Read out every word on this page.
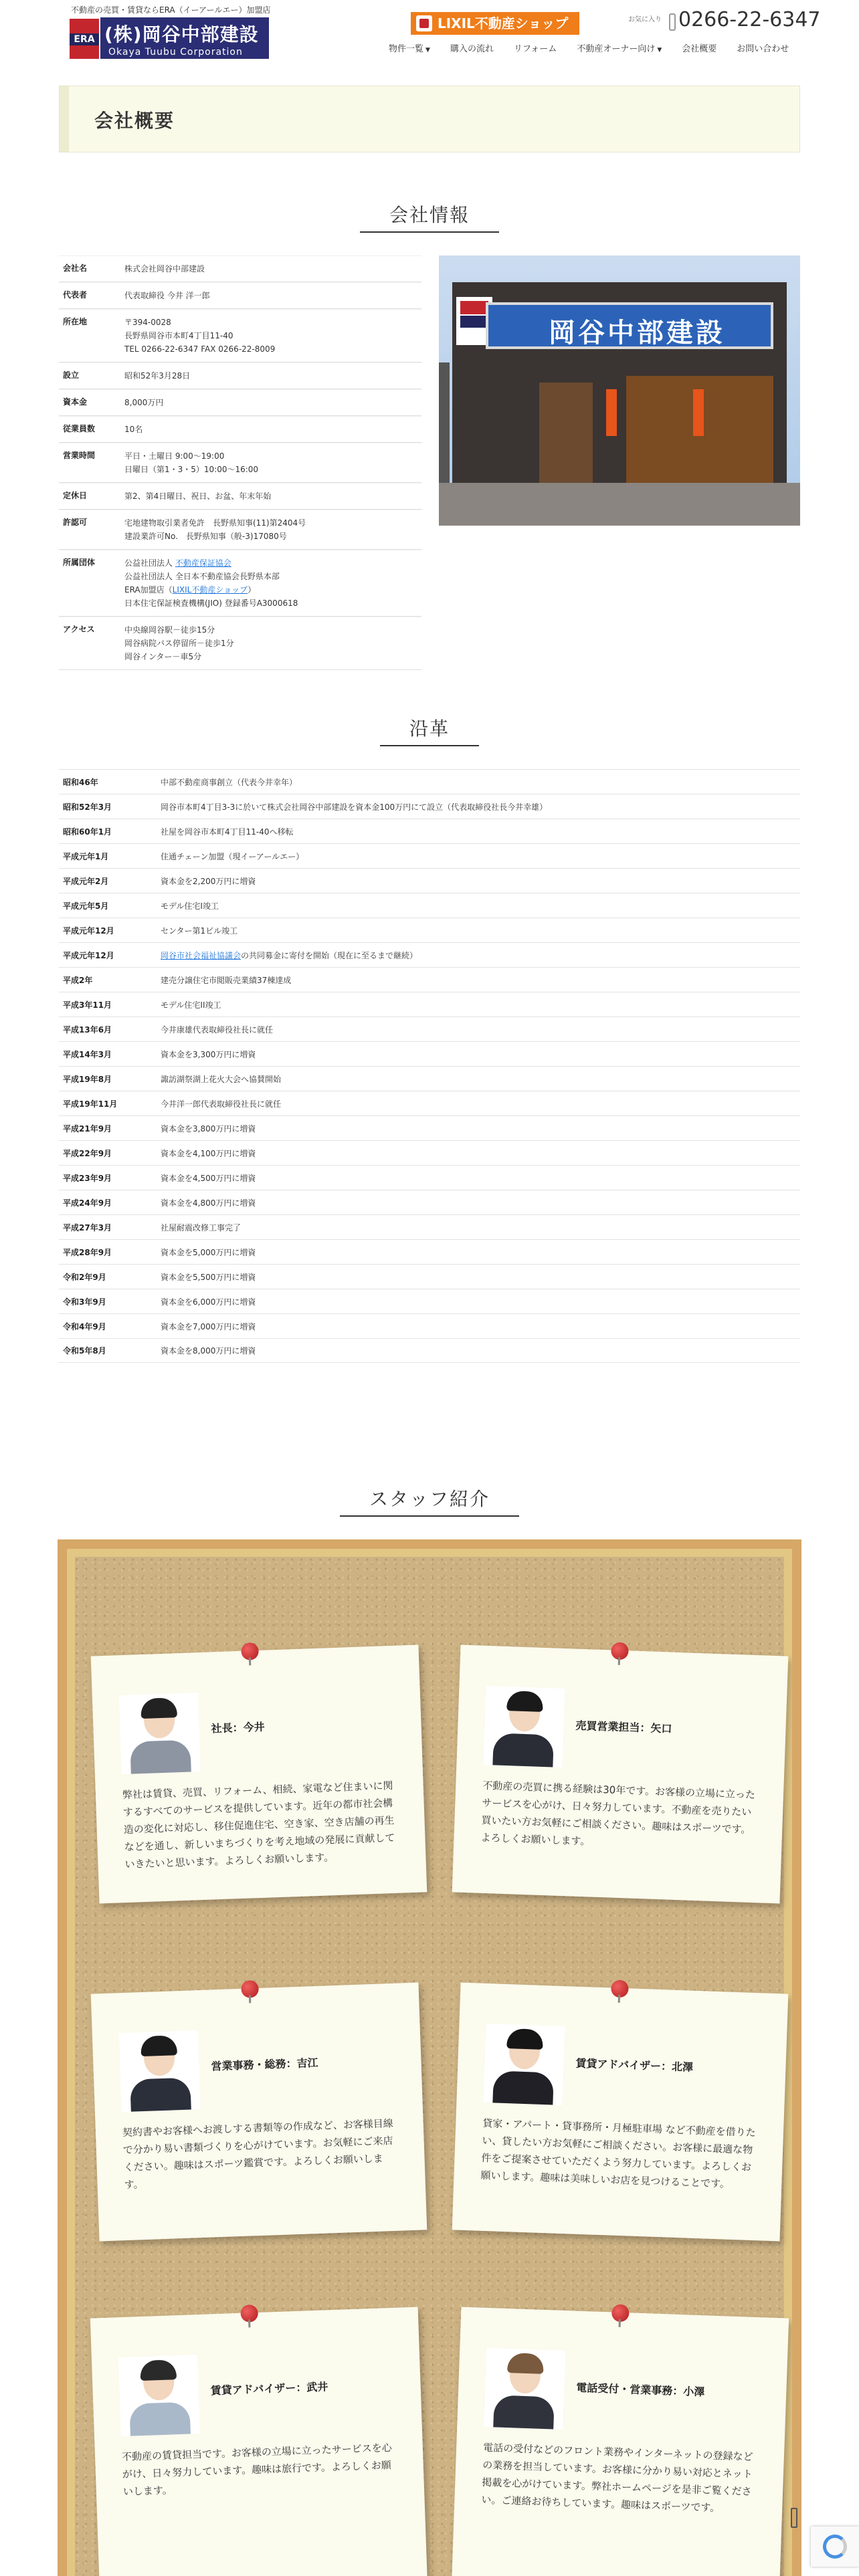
不動産の売買・賃貸ならERA（イーアールエー）加盟店
ERA (株)岡谷中部建設
Okaya Tuubu Corporation
LIXIL不動産ショップ	お気に入り 0266-22-6347
物件一覧 ▼	購入の流れ	リフォーム	不動産オーナー向け ▼	会社概要	お問い合わせ
会社概要
会社情報
会社名	株式会社岡谷中部建設
代表者	代表取締役 今井 洋一郎
所在地	〒394-0028
長野県岡谷市本町4丁目11-40
TEL 0266-22-6347 FAX 0266-22-8009
設立	昭和52年3月28日
資本金	8,000万円
従業員数	10名
営業時間	平日・土曜日 9:00〜19:00
日曜日（第1・3・5）10:00〜16:00
定休日	第2、第4日曜日、祝日、お盆、年末年始
許認可	宅地建物取引業者免許　長野県知事(11)第2404号
建設業許可No.　長野県知事（般-3)17080号
所属団体	公益社団法人 不動産保証協会
公益社団法人 全日本不動産協会長野県本部
ERA加盟店（LIXIL不動産ショップ）
日本住宅保証検査機構(JIO) 登録番号A3000618
アクセス	中央線岡谷駅－徒歩15分
岡谷病院バス停留所－徒歩1分
岡谷インター－車5分
岡谷中部建設
沿革
昭和46年	中部不動産商事創立（代表今井幸年）
昭和52年3月	岡谷市本町4丁目3-3に於いて株式会社岡谷中部建設を資本金100万円にて設立（代表取締役社長今井幸雄）
昭和60年1月	社屋を岡谷市本町4丁目11-40へ移転
平成元年1月	住通チェーン加盟（現イーアールエー）
平成元年2月	資本金を2,200万円に増資
平成元年5月	モデル住宅I竣工
平成元年12月	センター第1ビル竣工
平成元年12月	岡谷市社会福祉協議会の共同募金に寄付を開始（現在に至るまで継続）
平成2年	建売分譲住宅市閲販売業績37棟達成
平成3年11月	モデル住宅II竣工
平成13年6月	今井康雄代表取締役社長に就任
平成14年3月	資本金を3,300万円に増資
平成19年8月	諏訪湖祭湖上花火大会へ協賛開始
平成19年11月	今井洋一郎代表取締役社長に就任
平成21年9月	資本金を3,800万円に増資
平成22年9月	資本金を4,100万円に増資
平成23年9月	資本金を4,500万円に増資
平成24年9月	資本金を4,800万円に増資
平成27年3月	社屋耐震改修工事完了
平成28年9月	資本金を5,000万円に増資
令和2年9月	資本金を5,500万円に増資
令和3年9月	資本金を6,000万円に増資
令和4年9月	資本金を7,000万円に増資
令和5年8月	資本金を8,000万円に増資
スタッフ紹介
社長：今井
弊社は賃貸、売買、リフォーム、相続、家電など住まいに関するすべてのサービスを提供しています。近年の都市社会構造の変化に対応し、移住促進住宅、空き家、空き店舗の再生などを通し、新しいまちづくりを考え地域の発展に貢献していきたいと思います。よろしくお願いします。
売買営業担当：矢口
不動産の売買に携る経験は30年です。お客様の立場に立ったサービスを心がけ、日々努力しています。不動産を売りたい買いたい方お気軽にご相談ください。趣味はスポーツです。よろしくお願いします。
営業事務・総務：吉江
契約書やお客様へお渡しする書類等の作成など、お客様目線で分かり易い書類づくりを心がけています。お気軽にご来店ください。趣味はスポーツ鑑賞です。よろしくお願いします。
賃貸アドバイザー：北澤
貸家・アパート・貸事務所・月極駐車場 など不動産を借りたい、貸したい方お気軽にご相談ください。お客様に最適な物件をご提案させていただくよう努力しています。よろしくお願いします。趣味は美味しいお店を見つけることです。
賃貸アドバイザー：武井
不動産の賃貸担当です。お客様の立場に立ったサービスを心がけ、日々努力しています。趣味は旅行です。よろしくお願いします。
電話受付・営業事務：小澤
電話の受付などのフロント業務やインターネットの登録などの業務を担当しています。お客様に分かり易い対応とネット掲載を心がけています。弊社ホームページを是非ご覧ください。ご連絡お待ちしています。趣味はスポーツです。
